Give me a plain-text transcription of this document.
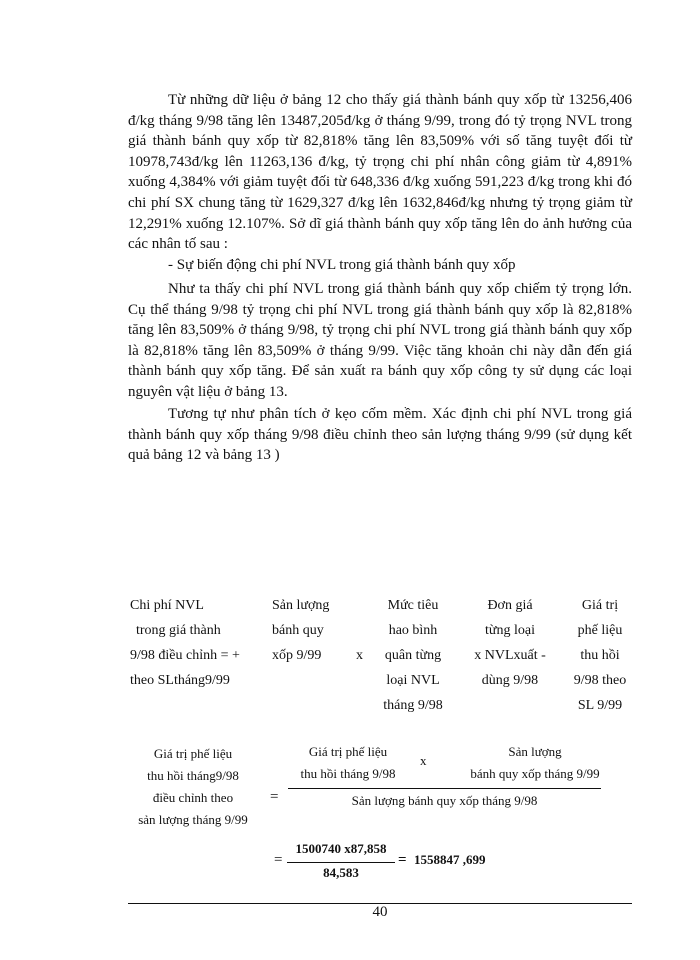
Từ những dữ liệu ở bảng 12 cho thấy giá thành bánh quy xốp từ 13256,406 đ/kg tháng 9/98 tăng lên 13487,205đ/kg ở tháng 9/99, trong đó tỷ trọng NVL trong giá thành bánh quy xốp từ 82,818% tăng lên 83,509% với số tăng tuyệt đối từ 10978,743đ/kg lên 11263,136 đ/kg, tỷ trọng chi phí nhân công giảm từ 4,891% xuống 4,384% với giảm tuyệt đối từ 648,336 đ/kg xuống 591,223 đ/kg trong khi đó chi phí SX chung tăng từ 1629,327 đ/kg lên 1632,846đ/kg nhưng tỷ trọng giảm từ 12,291% xuống 12.107%. Sở dĩ giá thành bánh quy xốp tăng lên do ảnh hưởng của các nhân tố sau :

- Sự biến động chi phí NVL trong giá thành bánh quy xốp

Như ta thấy chi phí NVL trong giá thành bánh quy xốp chiếm tỷ trọng lớn. Cụ thể tháng 9/98 tỷ trọng chi phí NVL trong giá thành bánh quy xốp là 82,818% tăng lên 83,509% ở tháng 9/98, tỷ trọng chi phí NVL trong giá thành bánh quy xốp là 82,818% tăng lên 83,509% ở tháng 9/99. Việc tăng khoản chi này dẫn đến giá thành bánh quy xốp tăng. Để sản xuất ra bánh quy xốp công ty sử dụng các loại nguyên vật liệu ở bảng 13.

Tương tự như phân tích ở kẹo cốm mềm. Xác định chi phí NVL trong giá thành bánh quy xốp tháng 9/98 điều chỉnh theo sản lượng tháng 9/99 (sử dụng kết quả bảng 12 và bảng 13 )

Chi phí NVL
trong giá thành
9/98 điều chỉnh = +
theo SLtháng9/99
Sản lượng
bánh quy
xốp 9/99	x
Mức tiêu
hao bình
quân từng
loại NVL
tháng 9/98
Đơn giá
từng loại
x NVLxuất -
dùng 9/98
Giá trị
phế liệu
thu hồi
9/98 theo
SL 9/99
Giá trị phế liệu
thu hồi tháng9/98
điều chỉnh theo
sản lượng tháng 9/99
=
Giá trị phế liệu
thu hồi tháng 9/98
x
Sản lượng
bánh quy xốp tháng 9/99
Sản lượng bánh quy xốp tháng 9/98
=
1500740 x87,858
84,583
= 1558847 ,699
40
